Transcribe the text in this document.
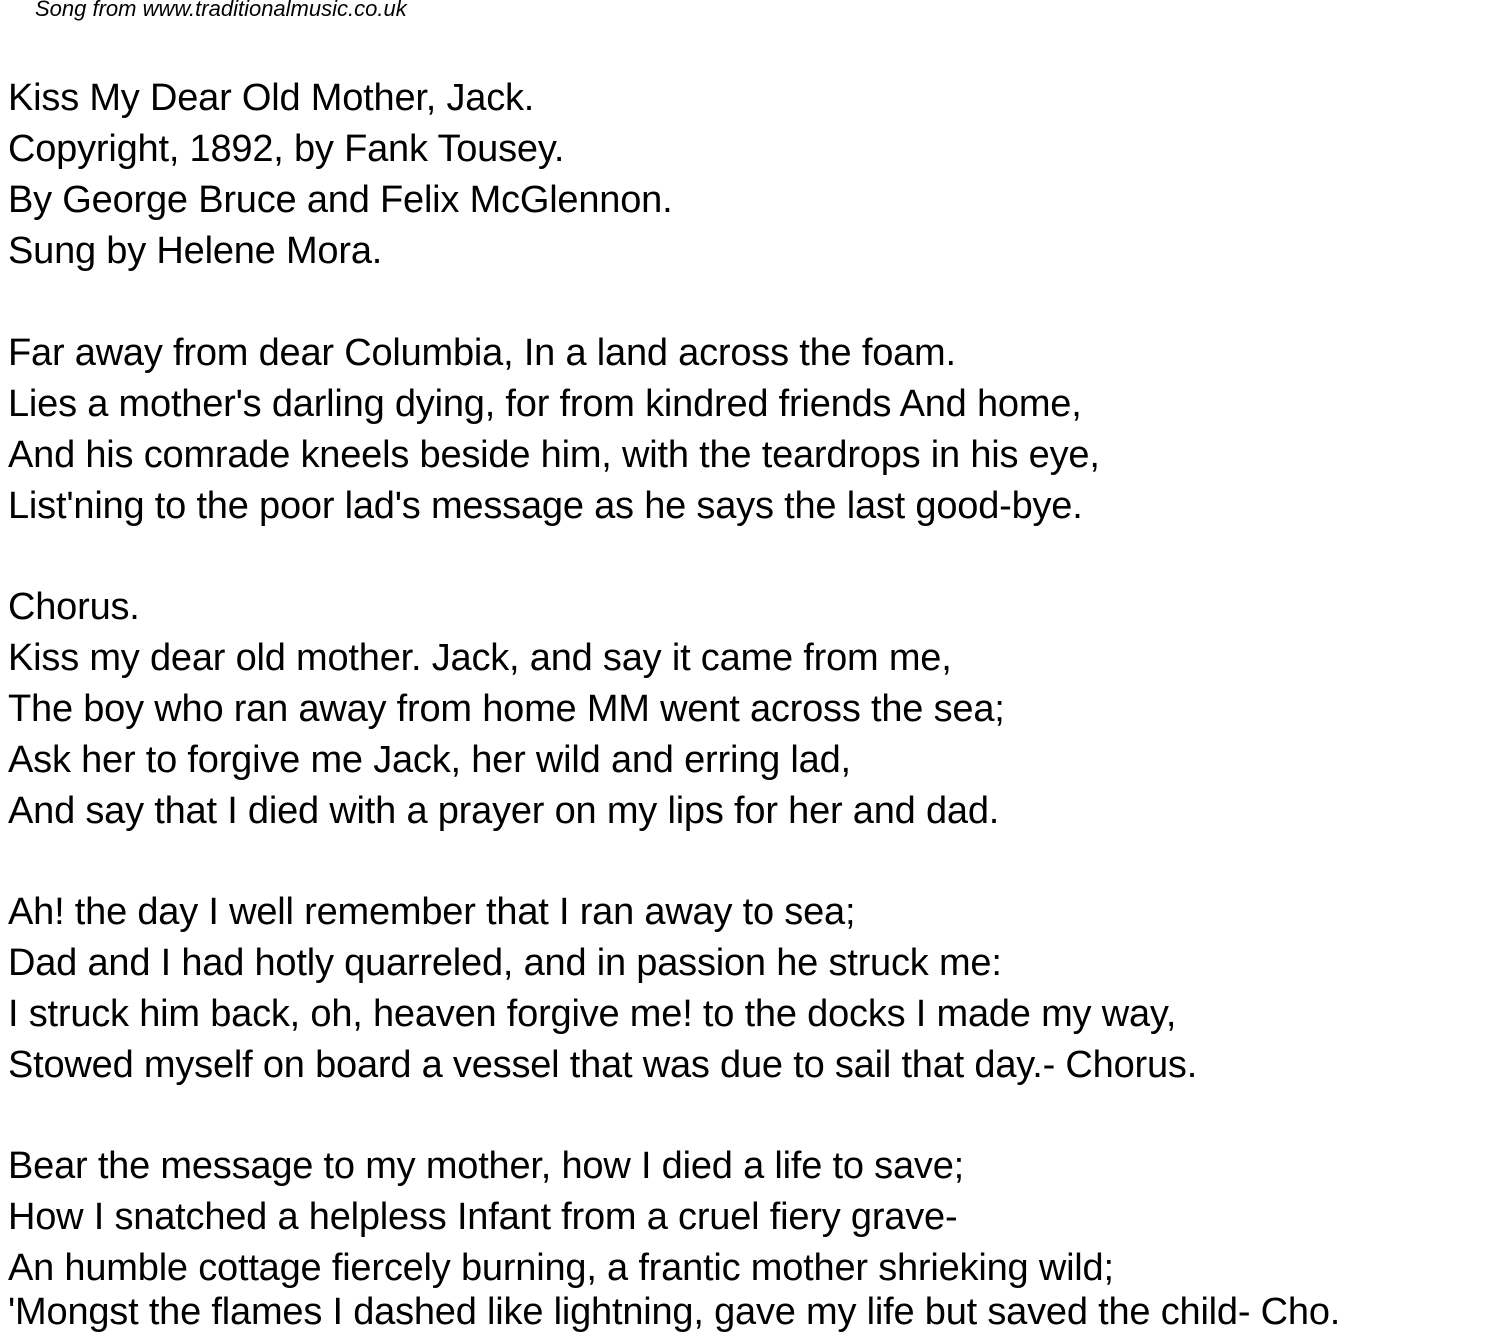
Song from www.traditionalmusic.co.uk
Kiss My Dear Old Mother, Jack.
Copyright, 1892, by Fank Tousey.
By George Bruce and Felix McGlennon.
Sung by Helene Mora.
Far away from dear Columbia, In a land across the foam.
Lies a mother's darling dying, for from kindred friends And home,
And his comrade kneels beside him, with the teardrops in his eye,
List'ning to the poor lad's message as he says the last good-bye.
Chorus.
Kiss my dear old mother. Jack, and say it came from me,
The boy who ran away from home MM went across the sea;
Ask her to forgive me Jack, her wild and erring lad,
And say that I died with a prayer on my lips for her and dad.
Ah! the day I well remember that I ran away to sea;
Dad and I had hotly quarreled, and in passion he struck me:
I struck him back, oh, heaven forgive me! to the docks I made my way,
Stowed myself on board a vessel that was due to sail that day.- Chorus.
Bear the message to my mother, how I died a life to save;
How I snatched a helpless Infant from a cruel fiery grave-
An humble cottage fiercely burning, a frantic mother shrieking wild;
'Mongst the flames I dashed like lightning, gave my life but saved the child- Cho.
